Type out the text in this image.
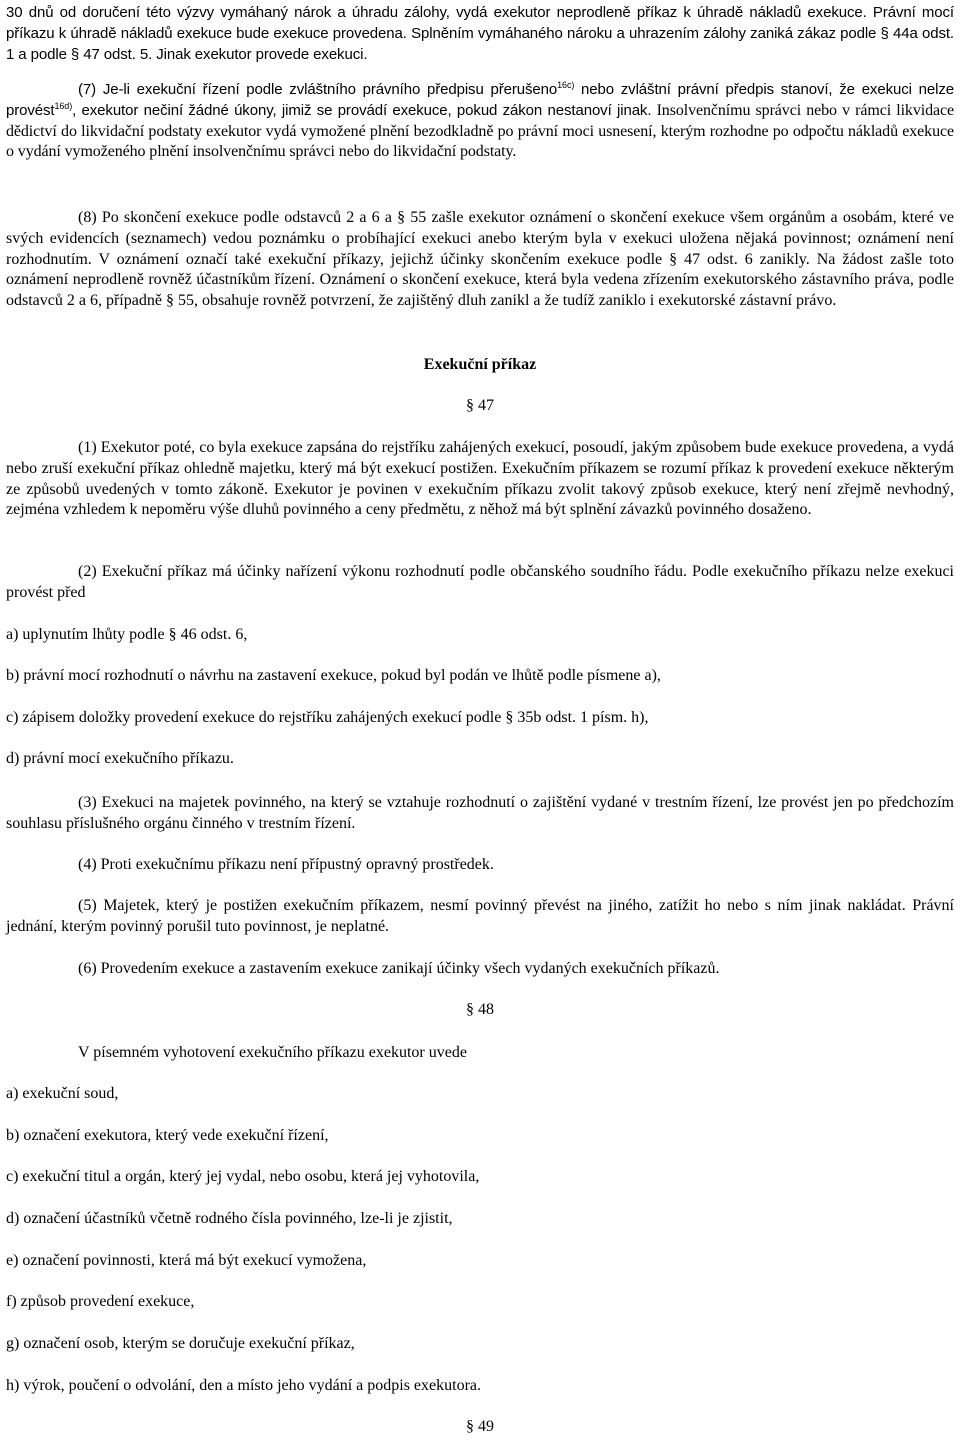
30 dnů od doručení této výzvy vymáhaný nárok a úhradu zálohy, vydá exekutor neprodleně příkaz k úhradě nákladů exekuce. Právní mocí příkazu k úhradě nákladů exekuce bude exekuce provedena. Splněním vymáhaného nároku a uhrazením zálohy zaniká zákaz podle § 44a odst. 1 a podle § 47 odst. 5. Jinak exekutor provede exekuci.

(7) Je-li exekuční řízení podle zvláštního právního předpisu přerušeno$^{16c)}$ nebo zvláštní právní předpis stanoví, že exekuci nelze provést$^{16d)}$, exekutor nečiní žádné úkony, jimiž se provádí exekuce, pokud zákon nestanoví jinak. Insolvenčnímu správci nebo v rámci likvidace dědictví do likvidační podstaty exekutor vydá vymožené plnění bezodkladně po právní moci usnesení, kterým rozhodne po odpočtu nákladů exekuce o vydání vymoženého plnění insolvenčnímu správci nebo do likvidační podstaty.

(8) Po skončení exekuce podle odstavců 2 a 6 a § 55 zašle exekutor oznámení o skončení exekuce všem orgánům a osobám, které ve svých evidencích (seznamech) vedou poznámku o probíhající exekuci anebo kterým byla v exekuci uložena nějaká povinnost; oznámení není rozhodnutím. V oznámení označí také exekuční příkazy, jejichž účinky skončením exekuce podle § 47 odst. 6 zanikly. Na žádost zašle toto oznámení neprodleně rovněž účastníkům řízení. Oznámení o skončení exekuce, která byla vedena zřízením exekutorského zástavního práva, podle odstavců 2 a 6, případně § 55, obsahuje rovněž potvrzení, že zajištěný dluh zanikl a že tudíž zaniklo i exekutorské zástavní právo.

Exekuční příkaz

§ 47

(1) Exekutor poté, co byla exekuce zapsána do rejstříku zahájených exekucí, posoudí, jakým způsobem bude exekuce provedena, a vydá nebo zruší exekuční příkaz ohledně majetku, který má být exekucí postižen. Exekučním příkazem se rozumí příkaz k provedení exekuce některým ze způsobů uvedených v tomto zákoně. Exekutor je povinen v exekučním příkazu zvolit takový způsob exekuce, který není zřejmě nevhodný, zejména vzhledem k nepoměru výše dluhů povinného a ceny předmětu, z něhož má být splnění závazků povinného dosaženo.

(2) Exekuční příkaz má účinky nařízení výkonu rozhodnutí podle občanského soudního řádu. Podle exekučního příkazu nelze exekuci provést před

a) uplynutím lhůty podle § 46 odst. 6,

b) právní mocí rozhodnutí o návrhu na zastavení exekuce, pokud byl podán ve lhůtě podle písmene a),

c) zápisem doložky provedení exekuce do rejstříku zahájených exekucí podle § 35b odst. 1 písm. h),

d) právní mocí exekučního příkazu.

(3) Exekuci na majetek povinného, na který se vztahuje rozhodnutí o zajištění vydané v trestním řízení, lze provést jen po předchozím souhlasu příslušného orgánu činného v trestním řízení.

(4) Proti exekučnímu příkazu není přípustný opravný prostředek.

(5) Majetek, který je postižen exekučním příkazem, nesmí povinný převést na jiného, zatížit ho nebo s ním jinak nakládat. Právní jednání, kterým povinný porušil tuto povinnost, je neplatné.

(6) Provedením exekuce a zastavením exekuce zanikají účinky všech vydaných exekučních příkazů.

§ 48

V písemném vyhotovení exekučního příkazu exekutor uvede

a) exekuční soud,

b) označení exekutora, který vede exekuční řízení,

c) exekuční titul a orgán, který jej vydal, nebo osobu, která jej vyhotovila,

d) označení účastníků včetně rodného čísla povinného, lze-li je zjistit,

e) označení povinnosti, která má být exekucí vymožena,

f) způsob provedení exekuce,

g) označení osob, kterým se doručuje exekuční příkaz,

h) výrok, poučení o odvolání, den a místo jeho vydání a podpis exekutora.

§ 49
